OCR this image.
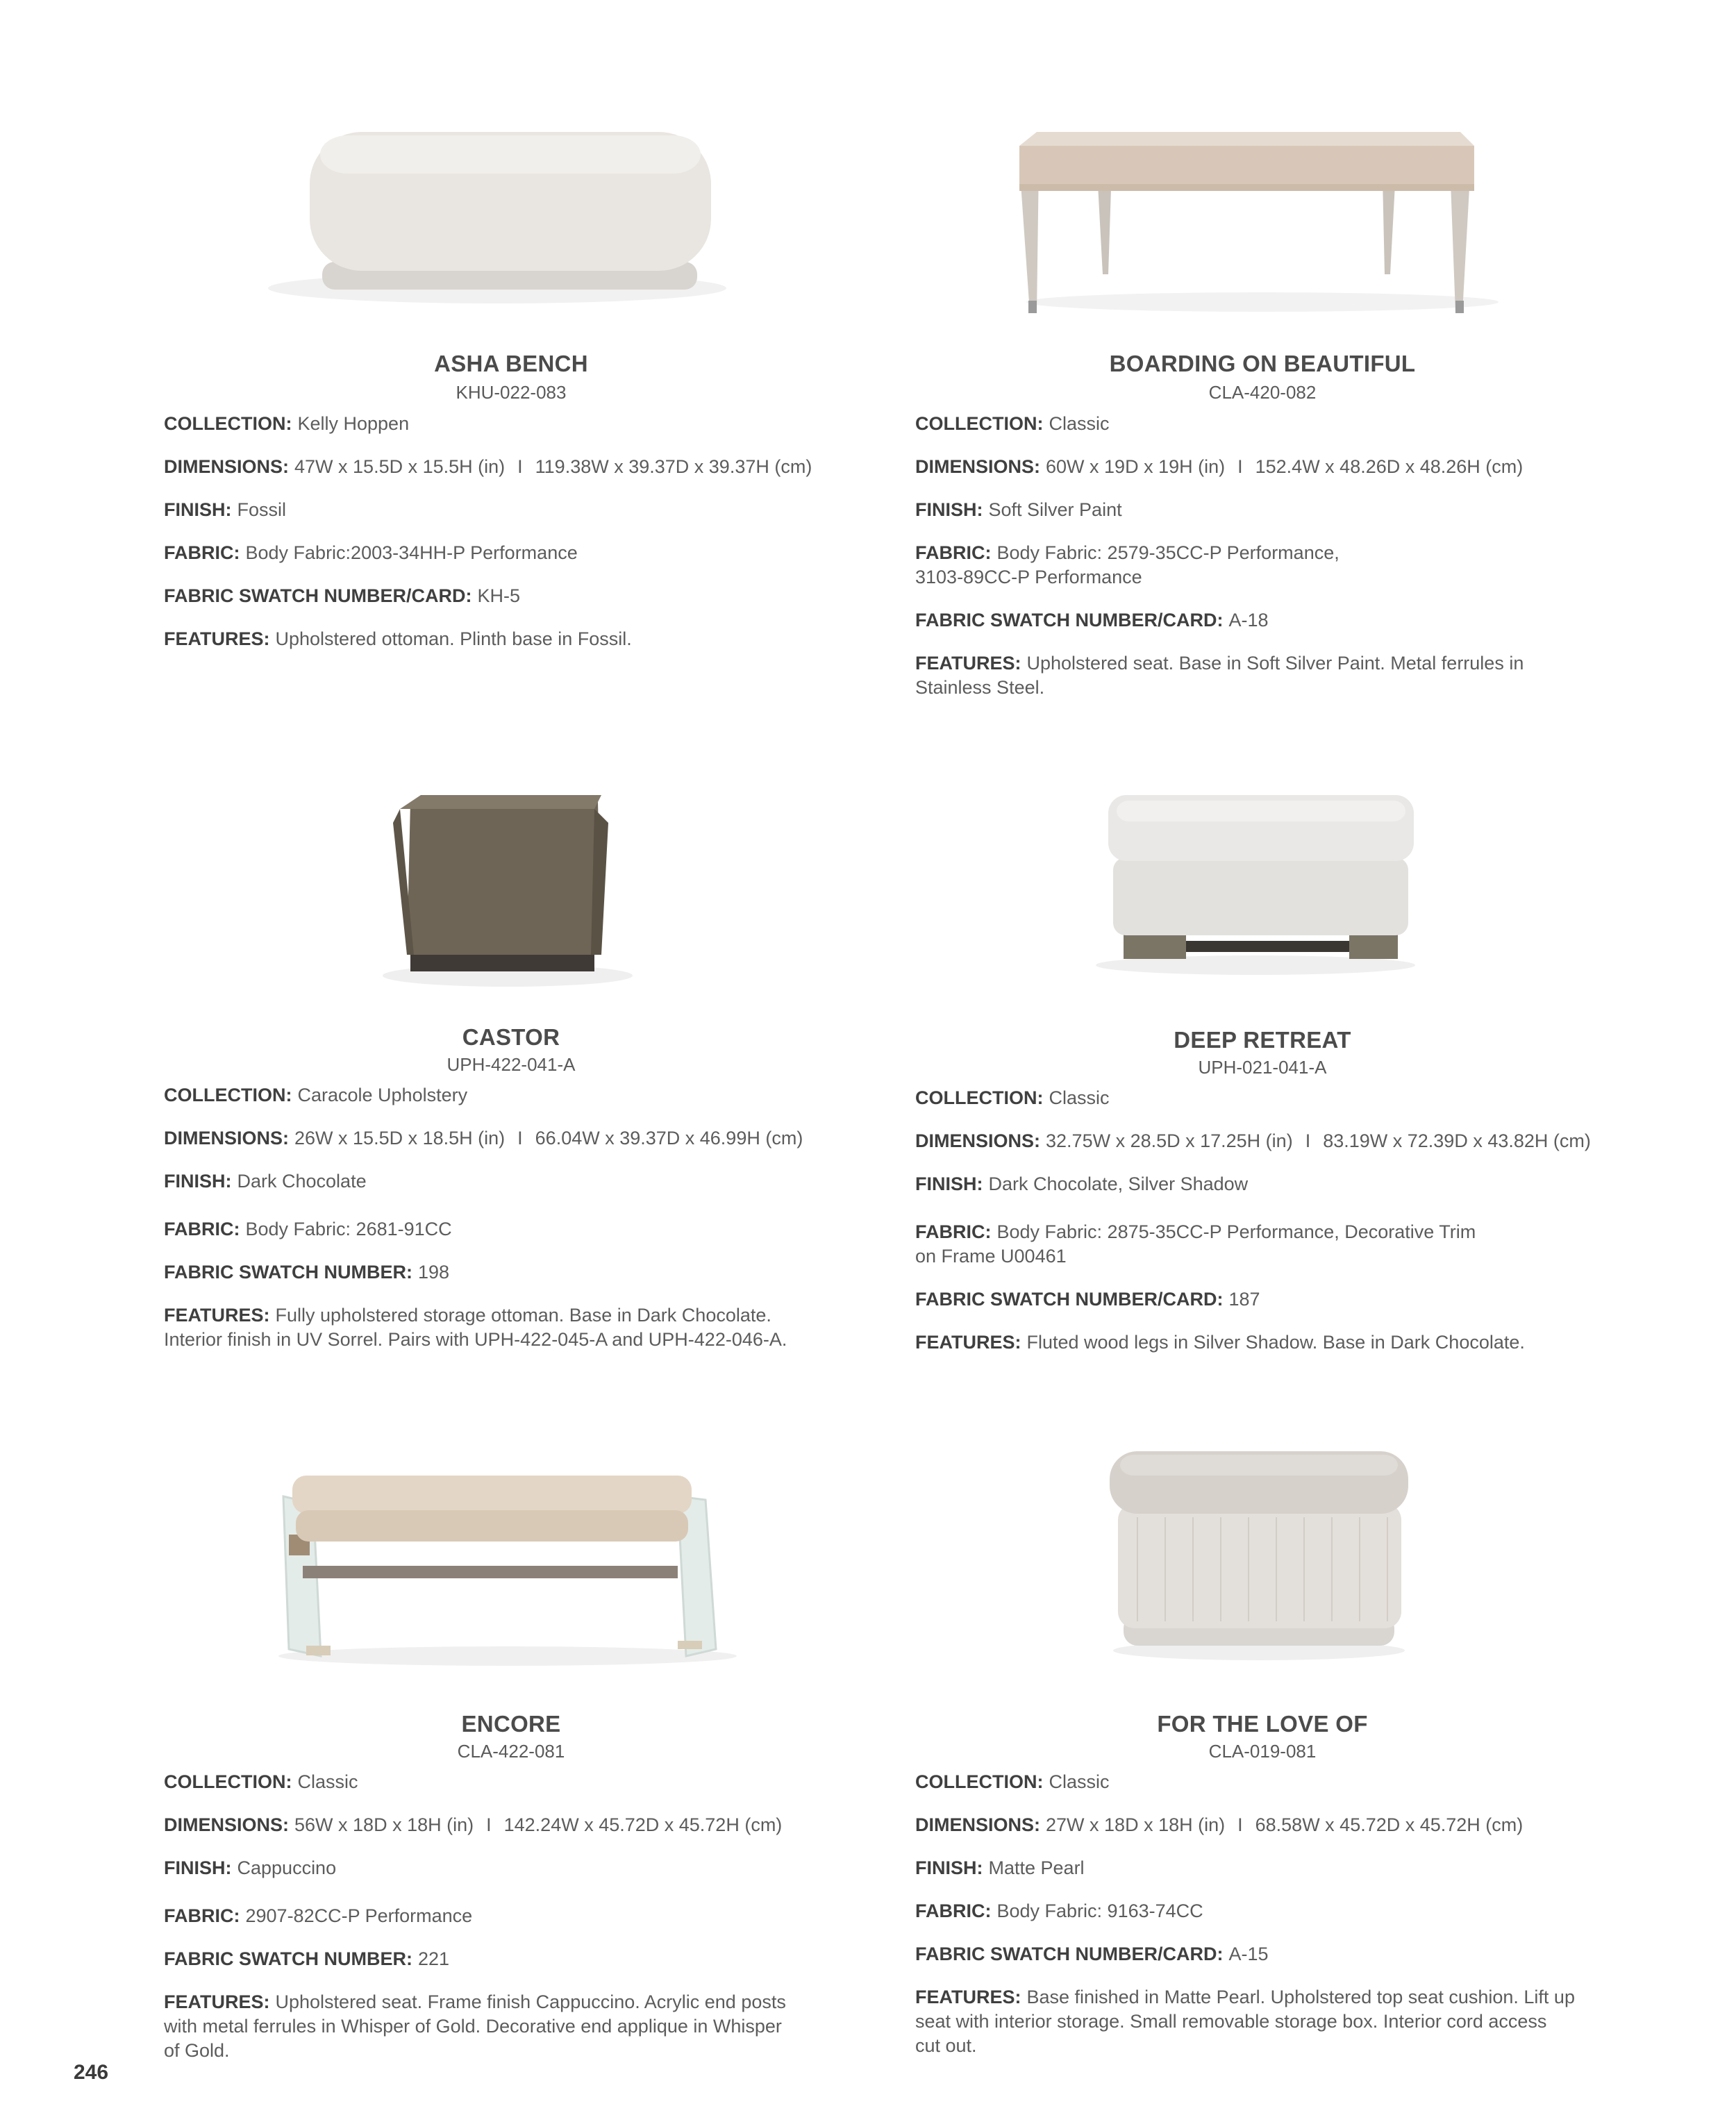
ASHA BENCH
KHU-022-083
COLLECTION: Kelly Hoppen
DIMENSIONS: 47W x 15.5D x 15.5H (in) I 119.38W x 39.37D x 39.37H (cm)
FINISH: Fossil
FABRIC: Body Fabric:2003-34HH-P Performance
FABRIC SWATCH NUMBER/CARD: KH-5
FEATURES: Upholstered ottoman. Plinth base in Fossil.
BOARDING ON BEAUTIFUL
CLA-420-082
COLLECTION: Classic
DIMENSIONS: 60W x 19D x 19H (in) I 152.4W x 48.26D x 48.26H (cm)
FINISH: Soft Silver Paint
FABRIC: Body Fabric: 2579-35CC-P Performance,
3103-89CC-P Performance
FABRIC SWATCH NUMBER/CARD: A-18
FEATURES: Upholstered seat. Base in Soft Silver Paint. Metal ferrules in
Stainless Steel.
CASTOR
UPH-422-041-A
COLLECTION: Caracole Upholstery
DIMENSIONS: 26W x 15.5D x 18.5H (in) I 66.04W x 39.37D x 46.99H (cm)
FINISH: Dark Chocolate
FABRIC: Body Fabric: 2681-91CC
FABRIC SWATCH NUMBER: 198
FEATURES: Fully upholstered storage ottoman. Base in Dark Chocolate.
Interior finish in UV Sorrel. Pairs with UPH-422-045-A and UPH-422-046-A.
DEEP RETREAT
UPH-021-041-A
COLLECTION: Classic
DIMENSIONS: 32.75W x 28.5D x 17.25H (in) I 83.19W x 72.39D x 43.82H (cm)
FINISH: Dark Chocolate, Silver Shadow
FABRIC: Body Fabric: 2875-35CC-P Performance, Decorative Trim
on Frame U00461
FABRIC SWATCH NUMBER/CARD: 187
FEATURES: Fluted wood legs in Silver Shadow. Base in Dark Chocolate.
ENCORE
CLA-422-081
COLLECTION: Classic
DIMENSIONS: 56W x 18D x 18H (in) I 142.24W x 45.72D x 45.72H (cm)
FINISH: Cappuccino
FABRIC: 2907-82CC-P Performance
FABRIC SWATCH NUMBER: 221
FEATURES: Upholstered seat. Frame finish Cappuccino. Acrylic end posts
with metal ferrules in Whisper of Gold. Decorative end applique in Whisper
of Gold.
FOR THE LOVE OF
CLA-019-081
COLLECTION: Classic
DIMENSIONS: 27W x 18D x 18H (in) I 68.58W x 45.72D x 45.72H (cm)
FINISH: Matte Pearl
FABRIC: Body Fabric: 9163-74CC
FABRIC SWATCH NUMBER/CARD: A-15
FEATURES: Base finished in Matte Pearl. Upholstered top seat cushion. Lift up
seat with interior storage. Small removable storage box. Interior cord access
cut out.
246
